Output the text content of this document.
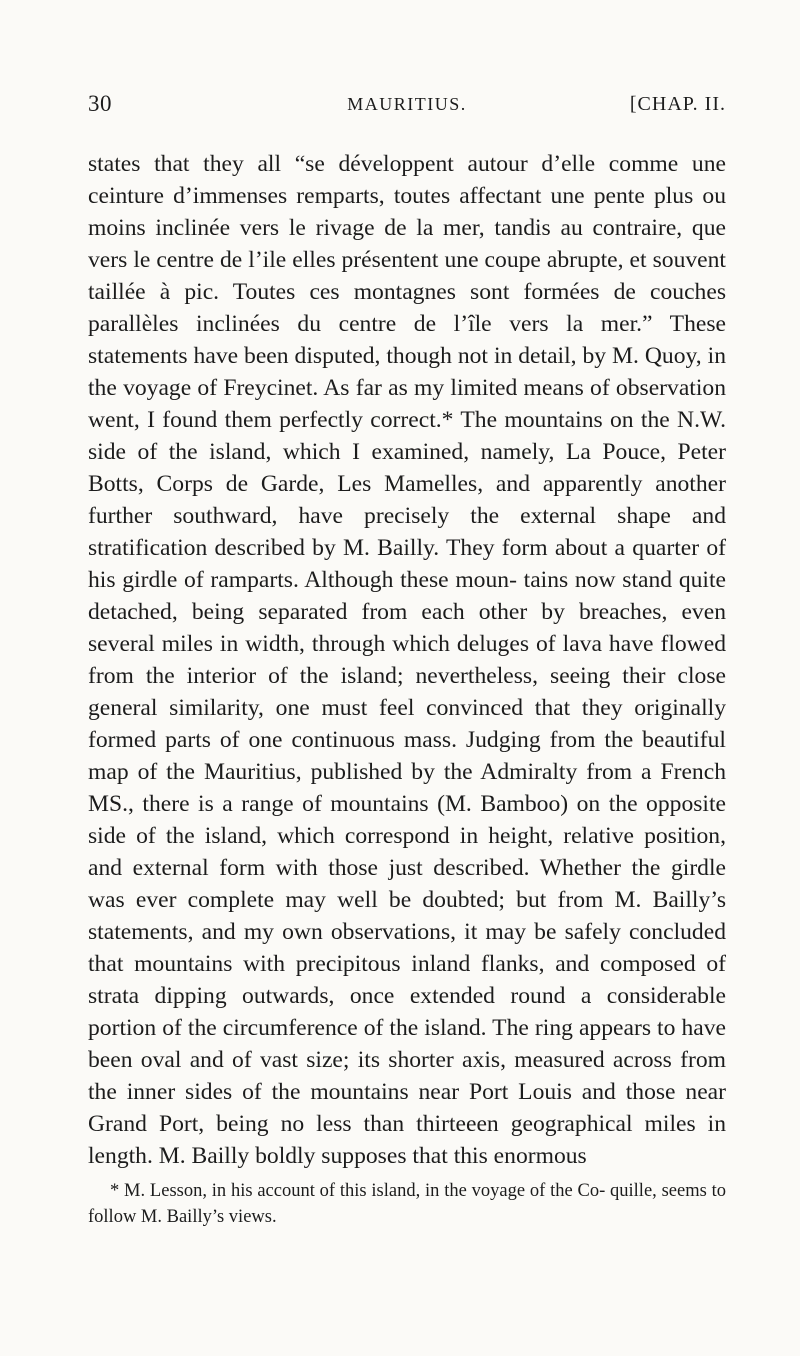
30	MAURITIUS.	[CHAP. II.

states that they all “se développent autour d’elle comme une ceinture d’immenses remparts, toutes affectant une pente plus ou moins inclinée vers le rivage de la mer, tandis au contraire, que vers le centre de l’ile elles présentent une coupe abrupte, et souvent taillée à pic. Toutes ces montagnes sont formées de couches parallèles inclinées du centre de l’île vers la mer.” These statements have been disputed, though not in detail, by M. Quoy, in the voyage of Freycinet. As far as my limited means of observation went, I found them perfectly correct.* The mountains on the N.W. side of the island, which I examined, namely, La Pouce, Peter Botts, Corps de Garde, Les Mamelles, and apparently another further southward, have precisely the external shape and stratification described by M. Bailly. They form about a quarter of his girdle of ramparts. Although these moun- tains now stand quite detached, being separated from each other by breaches, even several miles in width, through which deluges of lava have flowed from the interior of the island; nevertheless, seeing their close general similarity, one must feel convinced that they originally formed parts of one continuous mass. Judging from the beautiful map of the Mauritius, published by the Admiralty from a French MS., there is a range of mountains (M. Bamboo) on the opposite side of the island, which correspond in height, relative position, and external form with those just described. Whether the girdle was ever complete may well be doubted; but from M. Bailly’s statements, and my own observations, it may be safely concluded that mountains with precipitous inland flanks, and composed of strata dipping outwards, once extended round a considerable portion of the circumference of the island. The ring appears to have been oval and of vast size; its shorter axis, measured across from the inner sides of the mountains near Port Louis and those near Grand Port, being no less than thirteeen geographical miles in length. M. Bailly boldly supposes that this enormous

* M. Lesson, in his account of this island, in the voyage of the Co- quille, seems to follow M. Bailly’s views.
